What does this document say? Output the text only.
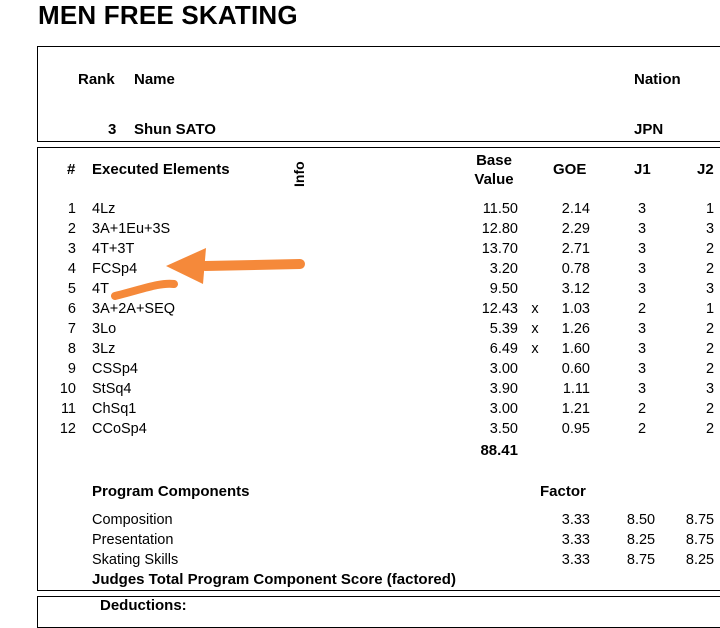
MEN FREE SKATING
Rank Name	Nation
3 Shun SATO	JPN
# Executed Elements	Info
Base
Value
GOE	J1	J2
1 4Lz	11.50	2.14	3	1
2 3A+1Eu+3S	12.80	2.29	3	3
3 4T+3T	13.70	2.71	3	2
4 FCSp4	3.20	0.78	3	2
5 4T	9.50	3.12	3	3
6 3A+2A+SEQ	12.43 x	1.03	2	1
7 3Lo	5.39 x	1.26	3	2
8 3Lz	6.49 x	1.60	3	2
9 CSSp4	3.00	0.60	3	2
10 StSq4	3.90	1.11	3	3
11 ChSq1	3.00	1.21	2	2
12 CCoSp4	3.50	0.95	2	2
88.41
Program Components	Factor
Composition	3.33	8.50	8.75
Presentation	3.33	8.25	8.75
Skating Skills	3.33	8.75	8.25
Judges Total Program Component Score (factored)
Deductions:
